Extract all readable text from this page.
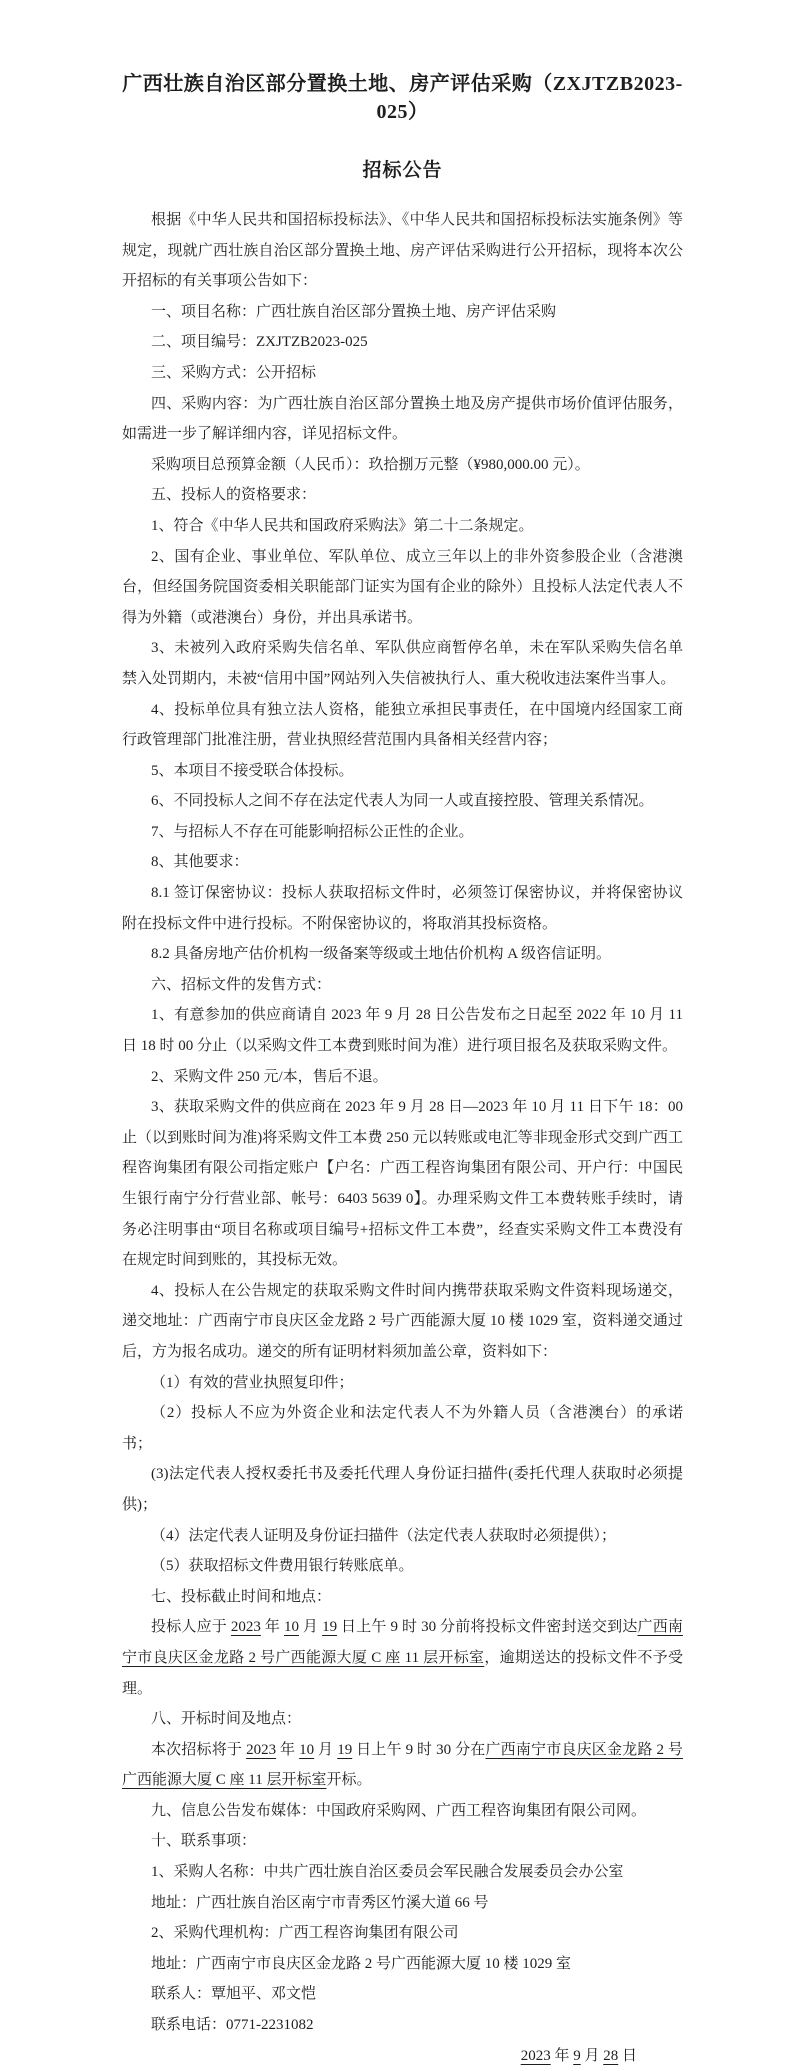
广西壮族自治区部分置换土地、房产评估采购（ZXJTZB2023-025）
招标公告

根据《中华人民共和国招标投标法》、《中华人民共和国招标投标法实施条例》等规定，现就广西壮族自治区部分置换土地、房产评估采购进行公开招标，现将本次公开招标的有关事项公告如下：

一、项目名称：广西壮族自治区部分置换土地、房产评估采购

二、项目编号：ZXJTZB2023-025

三、采购方式：公开招标

四、采购内容：为广西壮族自治区部分置换土地及房产提供市场价值评估服务，如需进一步了解详细内容，详见招标文件。

采购项目总预算金额（人民币）：玖拾捌万元整（¥980,000.00 元）。

五、投标人的资格要求：

1、符合《中华人民共和国政府采购法》第二十二条规定。

2、国有企业、事业单位、军队单位、成立三年以上的非外资参股企业（含港澳台，但经国务院国资委相关职能部门证实为国有企业的除外）且投标人法定代表人不得为外籍（或港澳台）身份，并出具承诺书。

3、未被列入政府采购失信名单、军队供应商暂停名单，未在军队采购失信名单禁入处罚期内，未被“信用中国”网站列入失信被执行人、重大税收违法案件当事人。

4、投标单位具有独立法人资格，能独立承担民事责任，在中国境内经国家工商行政管理部门批准注册，营业执照经营范围内具备相关经营内容；

5、本项目不接受联合体投标。

6、不同投标人之间不存在法定代表人为同一人或直接控股、管理关系情况。

7、与招标人不存在可能影响招标公正性的企业。

8、其他要求：

8.1 签订保密协议：投标人获取招标文件时，必须签订保密协议，并将保密协议附在投标文件中进行投标。不附保密协议的，将取消其投标资格。

8.2 具备房地产估价机构一级备案等级或土地估价机构 A 级咨信证明。

六、招标文件的发售方式：

1、有意参加的供应商请自 2023 年 9 月 28 日公告发布之日起至 2022 年 10 月 11 日 18 时 00 分止（以采购文件工本费到账时间为准）进行项目报名及获取采购文件。

2、采购文件 250 元/本，售后不退。

3、获取采购文件的供应商在 2023 年 9 月 28 日—2023 年 10 月 11 日下午 18：00 止（以到账时间为准)将采购文件工本费 250 元以转账或电汇等非现金形式交到广西工程咨询集团有限公司指定账户【户名：广西工程咨询集团有限公司、开户行：中国民生银行南宁分行营业部、帐号：6403 5639 0】。办理采购文件工本费转账手续时，请务必注明事由“项目名称或项目编号+招标文件工本费”，经查实采购文件工本费没有在规定时间到账的，其投标无效。

4、投标人在公告规定的获取采购文件时间内携带获取采购文件资料现场递交，递交地址：广西南宁市良庆区金龙路 2 号广西能源大厦 10 楼 1029 室，资料递交通过后，方为报名成功。递交的所有证明材料须加盖公章，资料如下：

（1）有效的营业执照复印件；

（2）投标人不应为外资企业和法定代表人不为外籍人员（含港澳台）的承诺书；

(3)法定代表人授权委托书及委托代理人身份证扫描件(委托代理人获取时必须提供)；

（4）法定代表人证明及身份证扫描件（法定代表人获取时必须提供）；

（5）获取招标文件费用银行转账底单。

七、投标截止时间和地点：

投标人应于 2023 年 10 月 19 日上午 9 时 30 分前将投标文件密封送交到达广西南宁市良庆区金龙路 2 号广西能源大厦 C 座 11 层开标室，逾期送达的投标文件不予受理。

八、开标时间及地点：

本次招标将于 2023 年 10 月 19 日上午 9 时 30 分在广西南宁市良庆区金龙路 2 号广西能源大厦 C 座 11 层开标室开标。

九、信息公告发布媒体：中国政府采购网、广西工程咨询集团有限公司网。

十、联系事项：

1、采购人名称：中共广西壮族自治区委员会军民融合发展委员会办公室

地址：广西壮族自治区南宁市青秀区竹溪大道 66 号

2、采购代理机构：广西工程咨询集团有限公司

地址：广西南宁市良庆区金龙路 2 号广西能源大厦 10 楼 1029 室

联系人：覃旭平、邓文恺

联系电话：0771-2231082

2023 年 9 月 28 日
